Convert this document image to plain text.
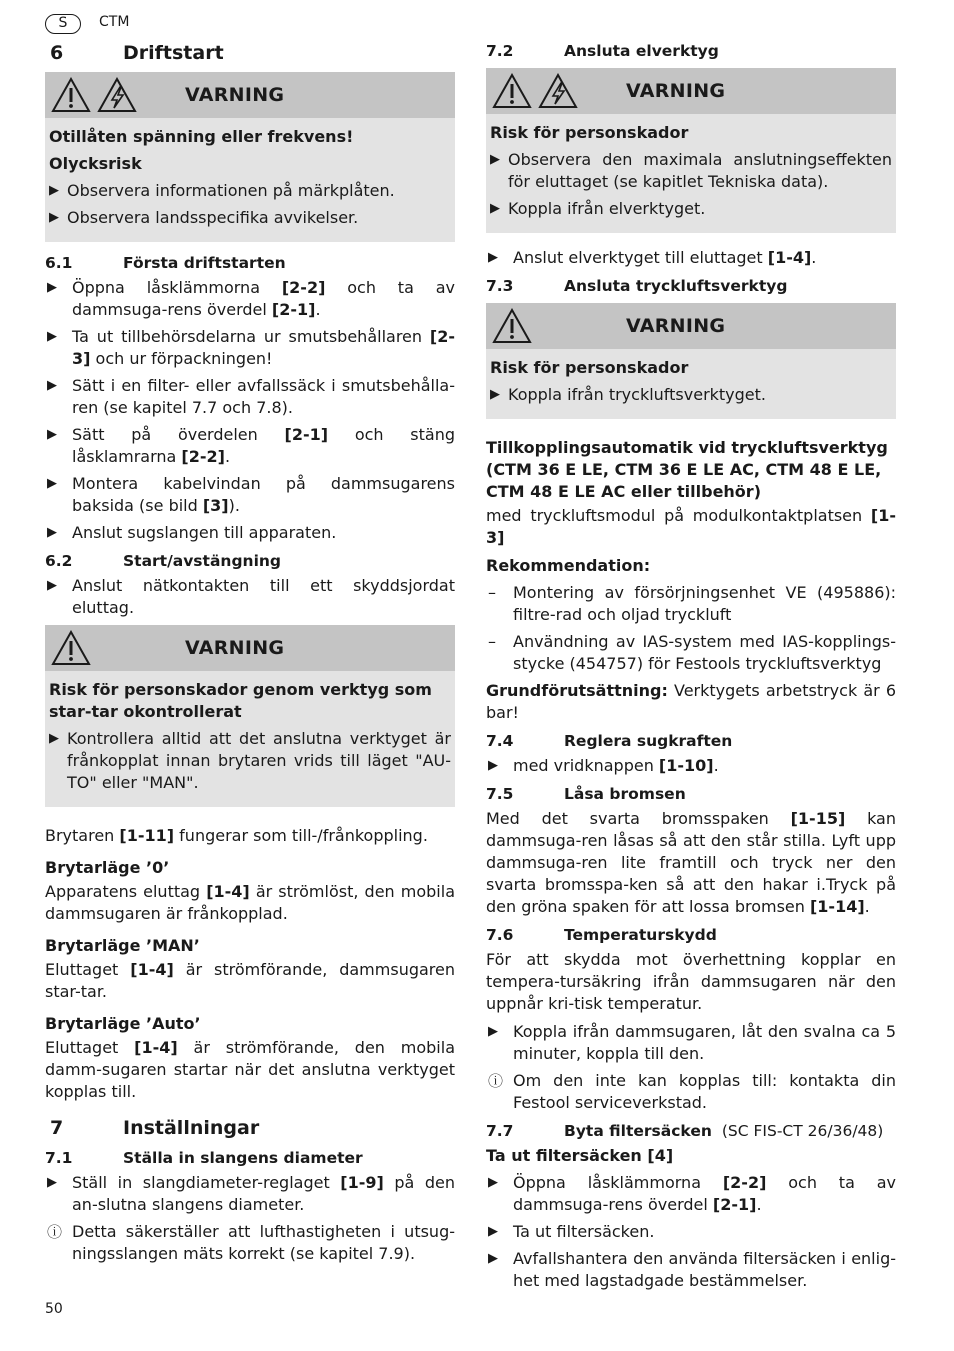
S	CTM
6	Driftstart
VARNING
Otillåten spänning eller frekvens!
Olycksrisk
▶ Observera informationen på märkplåten.
▶ Observera landsspecifika avvikelser.
6.1	Första driftstarten
▶ Öppna låsklämmorna [2-2] och ta av dammsuga-rens överdel [2-1].
▶ Ta ut tillbehörsdelarna ur smutsbehållaren [2-3] och ur förpackningen!
▶ Sätt i en filter- eller avfallssäck i smutsbehålla-ren (se kapitel 7.7 och 7.8).
▶ Sätt på överdelen [2-1] och stäng låsklamrarna [2-2].
▶ Montera kabelvindan på dammsugarens baksida (se bild [3]).
▶ Anslut sugslangen till apparaten.
6.2	Start/avstängning
▶ Anslut nätkontakten till ett skyddsjordat eluttag.
VARNING
Risk för personskador genom verktyg som star-tar okontrollerat
▶ Kontrollera alltid att det anslutna verktyget är frånkopplat innan brytaren vrids till läget "AU-TO" eller "MAN".

Brytaren [1-11] fungerar som till-/frånkoppling.

Brytarläge ’0’

Apparatens eluttag [1-4] är strömlöst, den mobila dammsugaren är frånkopplad.

Brytarläge ’MAN’

Eluttaget [1-4] är strömförande, dammsugaren star-tar.

Brytarläge ’Auto’

Eluttaget [1-4] är strömförande, den mobila damm-sugaren startar när det anslutna verktyget kopplas till.

7	Inställningar
7.1	Ställa in slangens diameter
▶ Ställ in slangdiameter-reglaget [1-9] på den an-slutna slangens diameter.
ⓘ Detta säkerställer att lufthastigheten i utsug-ningsslangen mäts korrekt (se kapitel 7.9).
7.2	Ansluta elverktyg
VARNING
Risk för personskador
▶ Observera den maximala anslutningseffekten för eluttaget (se kapitlet Tekniska data).
▶ Koppla ifrån elverktyget.
▶ Anslut elverktyget till eluttaget [1-4].
7.3	Ansluta tryckluftsverktyg
VARNING
Risk för personskador
▶ Koppla ifrån tryckluftsverktyget.
Tillkopplingsautomatik vid tryckluftsverktyg (CTM 36 E LE, CTM 36 E LE AC, CTM 48 E LE, CTM 48 E LE AC eller tillbehör)

med tryckluftsmodul på modulkontaktplatsen [1-3]

Rekommendation:
–	Montering av försörjningsenhet VE (495886): filtre-rad och oljad tryckluft
–	Användning av IAS-system med IAS-kopplings-stycke (454757) för Festools tryckluftsverktyg

Grundförutsättning: Verktygets arbetstryck är 6 bar!

7.4	Reglera sugkraften
▶ med vridknappen [1-10].
7.5	Låsa bromsen

Med det svarta bromsspaken [1-15] kan dammsuga-ren låsas så att den står stilla. Lyft upp dammsuga-ren lite framtill och tryck ner den svarta bromsspa-ken så att den hakar i.Tryck på den gröna spaken för att lossa bromsen [1-14].

7.6	Temperaturskydd

För att skydda mot överhettning kopplar en tempera-tursäkring ifrån dammsugaren när den uppnår kri-tisk temperatur.

▶ Koppla ifrån dammsugaren, låt den svalna ca 5 minuter, koppla till den.
ⓘ Om den inte kan kopplas till: kontakta din Festool serviceverkstad.
7.7	Byta filtersäcken (SC FIS-CT 26/36/48)
Ta ut filtersäcken [4]
▶ Öppna låsklämmorna [2-2] och ta av dammsuga-rens överdel [2-1].
▶ Ta ut filtersäcken.
▶ Avfallshantera den använda filtersäcken i enlig-het med lagstadgade bestämmelser.
50
